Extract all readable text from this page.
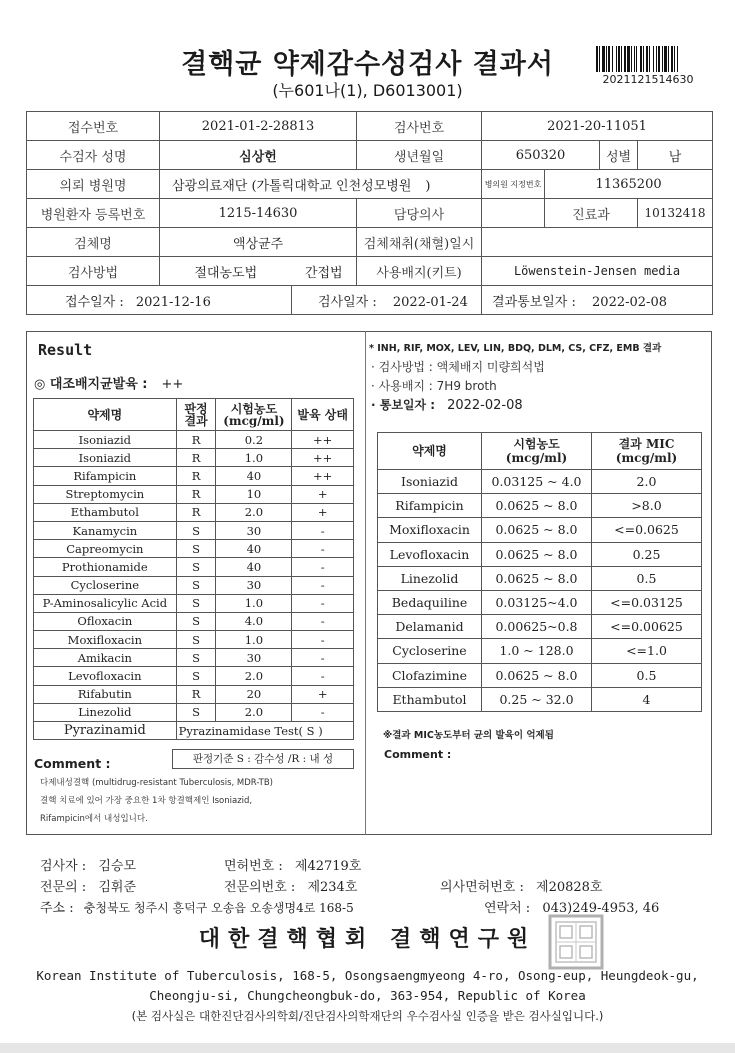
결핵균 약제감수성검사 결과서
(누601나(1), D6013001)
2021121514630
접수번호	2021-01-2-28813		검사번호	2021-20-11051			
수검자 성명	심상헌		생년월일	650320		성별	남
의뢰 병원명	삼광의료재단 (가톨릭대학교 인천성모병원 )			병의원 지정번호	11365200		
병원환자 등록번호	1215-14630		담당의사		진료과		10132418
검체명	액상균주		검체채취(채혈)일시				
검사방법	절대농도법	간접법	사용배지(키트)	Löwenstein-Jensen media			
접수일자 : 2021-12-16		검사일자 : 2022-01-24		결과통보일자 : 2022-02-08			
Result
◎ 대조배지균발육 : ++
약제명	판정 결과	시험농도 (mcg/ml)	발육 상태
Isoniazid	R	0.2	++
Isoniazid	R	1.0	++
Rifampicin	R	40	++
Streptomycin	R	10	+
Ethambutol	R	2.0	+
Kanamycin	S	30	-
Capreomycin	S	40	-
Prothionamide	S	40	-
Cycloserine	S	30	-
P-Aminosalicylic Acid	S	1.0	-
Ofloxacin	S	4.0	-
Moxifloxacin	S	1.0	-
Amikacin	S	30	-
Levofloxacin	S	2.0	-
Rifabutin	R	20	+
Linezolid	S	2.0	-
Pyrazinamid	Pyrazinamidase Test( S )		
판정기준 S : 감수성 /R : 내 성
Comment :
다제내성결핵 (multidrug-resistant Tuberculosis, MDR-TB)
결핵 치료에 있어 가장 중요한 1차 항결핵제인 Isoniazid,
Rifampicin에서 내성입니다.
* INH, RIF, MOX, LEV, LIN, BDQ, DLM, CS, CFZ, EMB 결과
· 검사방법 : 액체배지 미량희석법
· 사용배지 : 7H9 broth
· 통보일자 : 2022-02-08
약제명	시험농도 (mcg/ml)	결과 MIC (mcg/ml)
Isoniazid	0.03125 ~ 4.0	2.0
Rifampicin	0.0625 ~ 8.0	>8.0
Moxifloxacin	0.0625 ~ 8.0	<=0.0625
Levofloxacin	0.0625 ~ 8.0	0.25
Linezolid	0.0625 ~ 8.0	0.5
Bedaquiline	0.03125~4.0	<=0.03125
Delamanid	0.00625~0.8	<=0.00625
Cycloserine	1.0 ~ 128.0	<=1.0
Clofazimine	0.0625 ~ 8.0	0.5
Ethambutol	0.25 ~ 32.0	4
※결과 MIC농도부터 균의 발육이 억제됨
Comment :
검사자 : 김승모	면허번호 : 제42719호
전문의 : 김휘준	전문의번호 : 제234호	의사면허번호 : 제20828호
주소 : 충청북도 청주시 흥덕구 오송읍 오송생명4로 168-5	연락처 : 043)249-4953, 46
대한결핵협회 결핵연구원
Korean Institute of Tuberculosis, 168-5, Osongsaengmyeong 4-ro, Osong-eup, Heungdeok-gu,
Cheongju-si, Chungcheongbuk-do, 363-954, Republic of Korea
(본 검사실은 대한진단검사의학회/진단검사의학재단의 우수검사실 인증을 받은 검사실입니다.)
